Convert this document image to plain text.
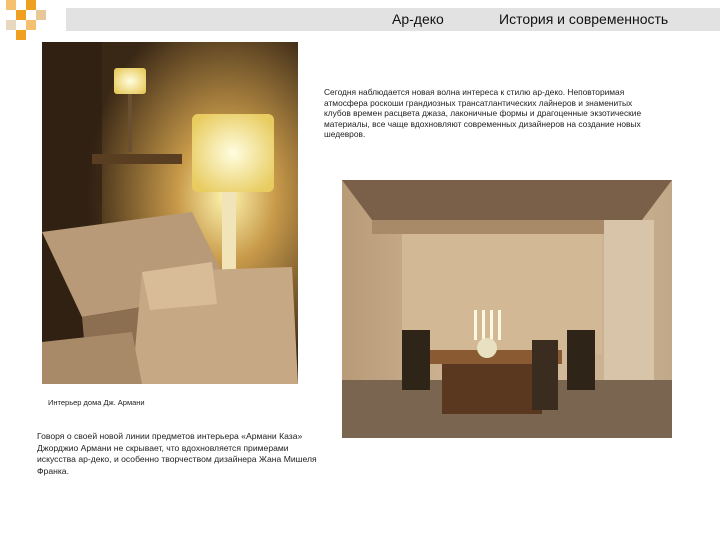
Ар-деко	История и современность
Сегодня наблюдается новая волна интереса к стилю ар-деко. Неповторимая атмосфера роскоши грандиозных трансатлантических лайнеров и знаменитых клубов времен расцвета джаза, лаконичные формы и драгоценные экзотические материалы, все чаще вдохновляют современных дизайнеров на создание новых шедевров.
Интерьер дома Дж. Армани
Говоря о своей новой линии предметов интерьера «Армани Каза» Джорджио Армани не скрывает, что вдохновляется примерами искусства ар-деко, и особенно творчеством дизайнера Жана Мишеля Франка.
